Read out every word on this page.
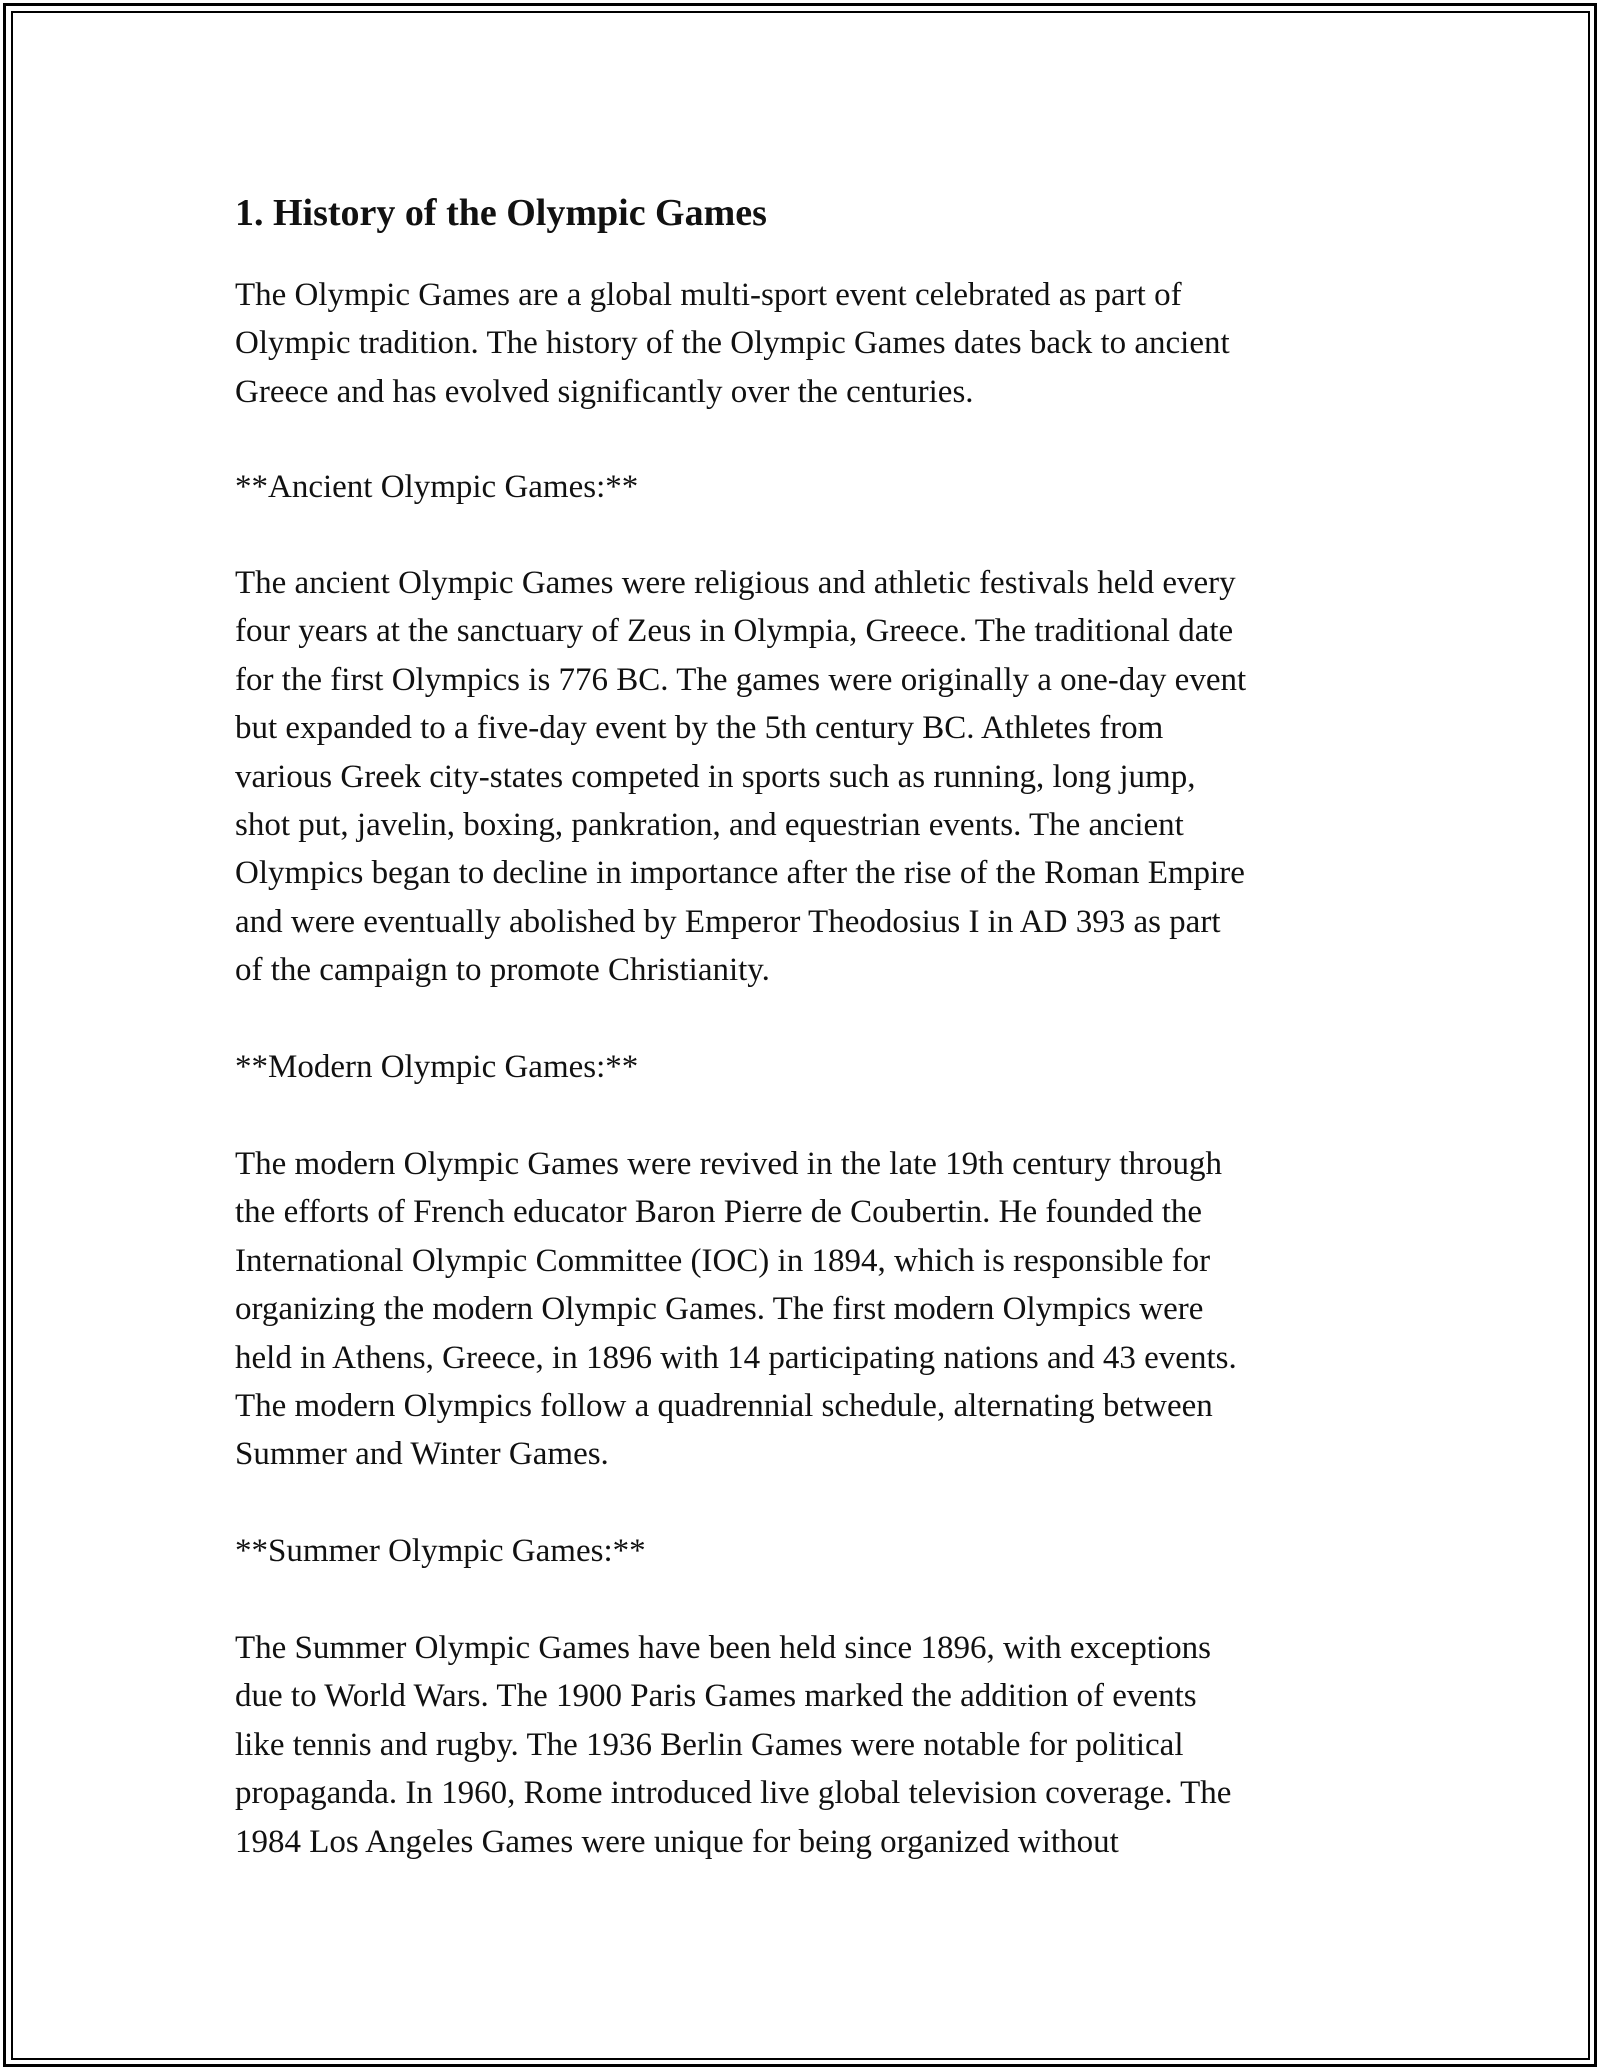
1. History of the Olympic Games

The Olympic Games are a global multi-sport event celebrated as part of
Olympic tradition. The history of the Olympic Games dates back to ancient
Greece and has evolved significantly over the centuries.

**Ancient Olympic Games:**

The ancient Olympic Games were religious and athletic festivals held every
four years at the sanctuary of Zeus in Olympia, Greece. The traditional date
for the first Olympics is 776 BC. The games were originally a one-day event
but expanded to a five-day event by the 5th century BC. Athletes from
various Greek city-states competed in sports such as running, long jump,
shot put, javelin, boxing, pankration, and equestrian events. The ancient
Olympics began to decline in importance after the rise of the Roman Empire
and were eventually abolished by Emperor Theodosius I in AD 393 as part
of the campaign to promote Christianity.

**Modern Olympic Games:**

The modern Olympic Games were revived in the late 19th century through
the efforts of French educator Baron Pierre de Coubertin. He founded the
International Olympic Committee (IOC) in 1894, which is responsible for
organizing the modern Olympic Games. The first modern Olympics were
held in Athens, Greece, in 1896 with 14 participating nations and 43 events.
The modern Olympics follow a quadrennial schedule, alternating between
Summer and Winter Games.

**Summer Olympic Games:**

The Summer Olympic Games have been held since 1896, with exceptions
due to World Wars. The 1900 Paris Games marked the addition of events
like tennis and rugby. The 1936 Berlin Games were notable for political
propaganda. In 1960, Rome introduced live global television coverage. The
1984 Los Angeles Games were unique for being organized without
